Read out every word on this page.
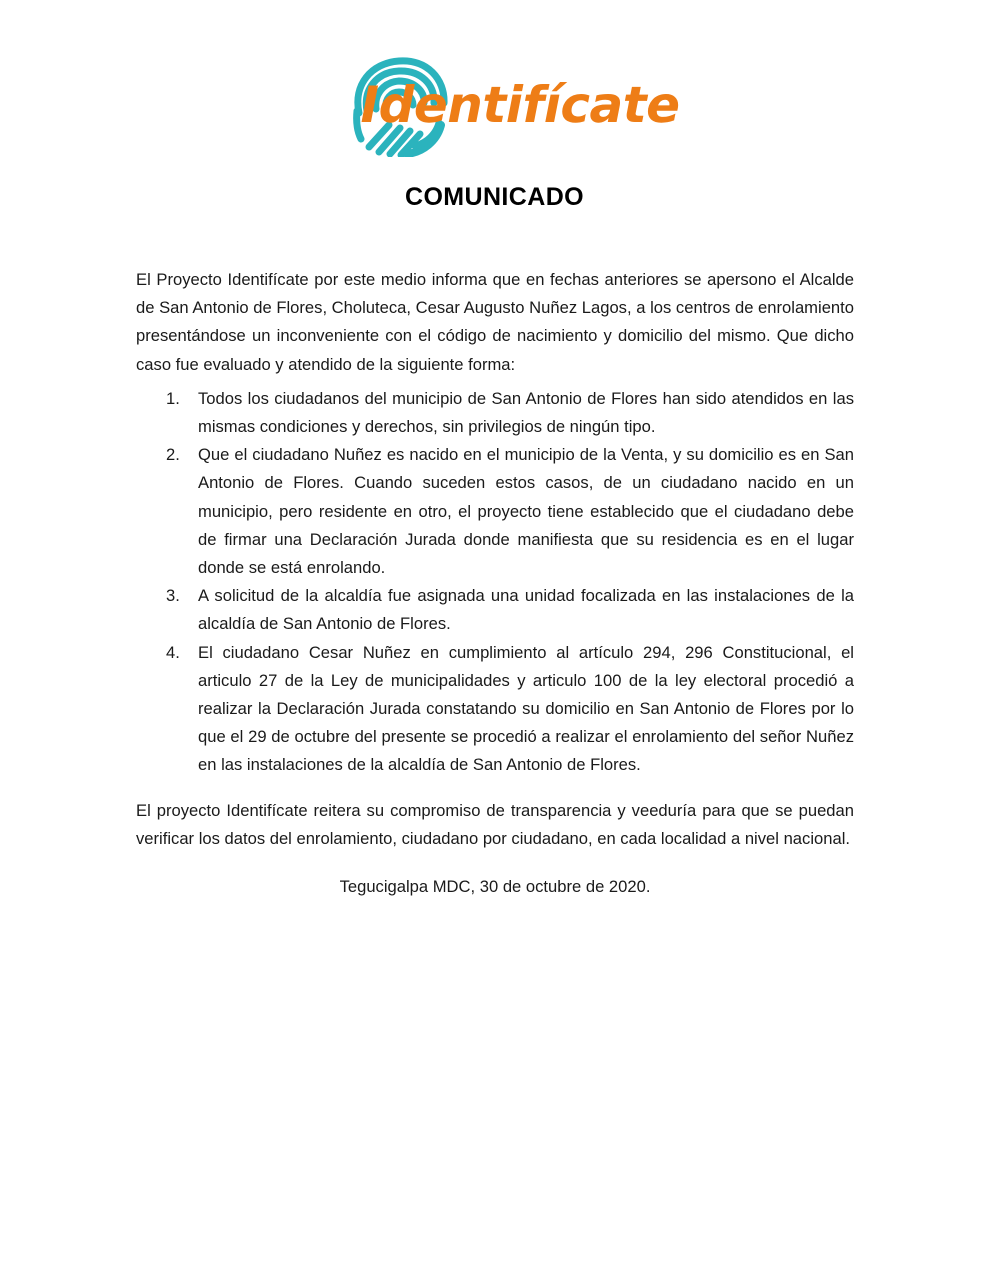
Identifícate
COMUNICADO

El Proyecto Identifícate por este medio informa que en fechas anteriores se apersono el Alcalde de San Antonio de Flores, Choluteca, Cesar Augusto Nuñez Lagos, a los centros de enrolamiento presentándose un inconveniente con el código de nacimiento y domicilio del mismo. Que dicho caso fue evaluado y atendido de la siguiente forma:

1.	Todos los ciudadanos del municipio de San Antonio de Flores han sido atendidos en las mismas condiciones y derechos, sin privilegios de ningún tipo.
2.	Que el ciudadano Nuñez es nacido en el municipio de la Venta, y su domicilio es en San Antonio de Flores. Cuando suceden estos casos, de un ciudadano nacido en un municipio, pero residente en otro, el proyecto tiene establecido que el ciudadano debe de firmar una Declaración Jurada donde manifiesta que su residencia es en el lugar donde se está enrolando.
3.	A solicitud de la alcaldía fue asignada una unidad focalizada en las instalaciones de la alcaldía de San Antonio de Flores.
4.	El ciudadano Cesar Nuñez en cumplimiento al artículo 294, 296 Constitucional, el articulo 27 de la Ley de municipalidades y articulo 100 de la ley electoral procedió a realizar la Declaración Jurada constatando su domicilio en San Antonio de Flores por lo que el 29 de octubre del presente se procedió a realizar el enrolamiento del señor Nuñez en las instalaciones de la alcaldía de San Antonio de Flores.

El proyecto Identifícate reitera su compromiso de transparencia y veeduría para que se puedan verificar los datos del enrolamiento, ciudadano por ciudadano, en cada localidad a nivel nacional.

Tegucigalpa MDC, 30 de octubre de 2020.
